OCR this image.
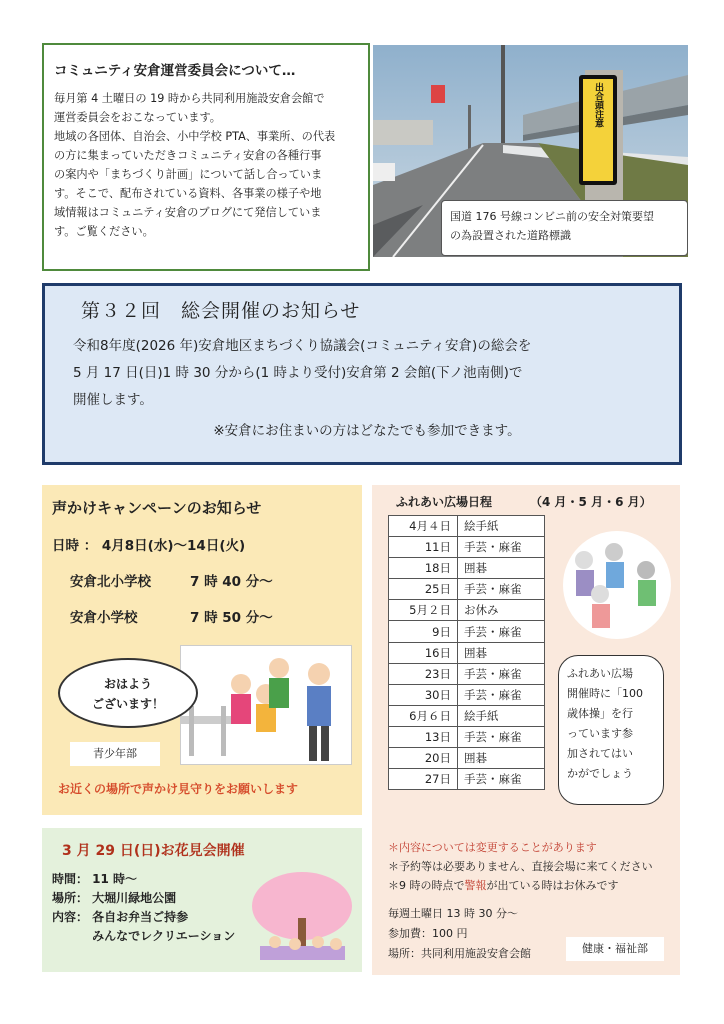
コミュニティ安倉運営委員会について…

毎月第 4 土曜日の 19 時から共同利用施設安倉会館で
運営委員会をおこなっています。
地域の各団体、自治会、小中学校 PTA、事業所、の代表
の方に集まっていただきコミュニティ安倉の各種行事
の案内や「まちづくり計画」について話し合っていま
す。そこで、配布されている資料、各事業の様子や地
域情報はコミュニティ安倉のブログにて発信していま
す。ご覧ください。

出合頭注意
国道 176 号線コンビニ前の安全対策要望
の為設置された道路標識
第３２回　総会開催のお知らせ

令和8年度(2026 年)安倉地区まちづくり協議会(コミュニティ安倉)の総会を
5 月 17 日(日)1 時 30 分から(1 時より受付)安倉第 2 会館(下ノ池南側)で
開催します。

※安倉にお住まいの方はどなたでも参加できます。

声かけキャンペーンのお知らせ
日時 ： 4月8日(水)～14日(火)
安倉北小学校	7 時 40 分～
安倉小学校	7 時 50 分～
おはよう
ございます！
青少年部
お近くの場所で声かけ見守りをお願いします
3 月 29 日(日)お花見会開催
時間： 11 時～
場所： 大堀川緑地公園
内容： 各自お弁当ご持参
　　　 みんなでレクリエーション
ふれあい広場日程	（4 月・5 月・6 月）
4月４日	絵手紙
11日	手芸・麻雀
18日	囲碁
25日	手芸・麻雀
5月２日	お休み
9日	手芸・麻雀
16日	囲碁
23日	手芸・麻雀
30日	手芸・麻雀
6月６日	絵手紙
13日	手芸・麻雀
20日	囲碁
27日	手芸・麻雀
ふれあい広場
開催時に「100
歳体操」を行
っています参
加されてはい
かがでしょう
＊内容については変更することがあります
＊予約等は必要ありません、直接会場に来てください
＊9 時の時点で警報が出ている時はお休みです
毎週土曜日 13 時 30 分～
参加費：100 円
場所：共同利用施設安倉会館	健康・福祉部
